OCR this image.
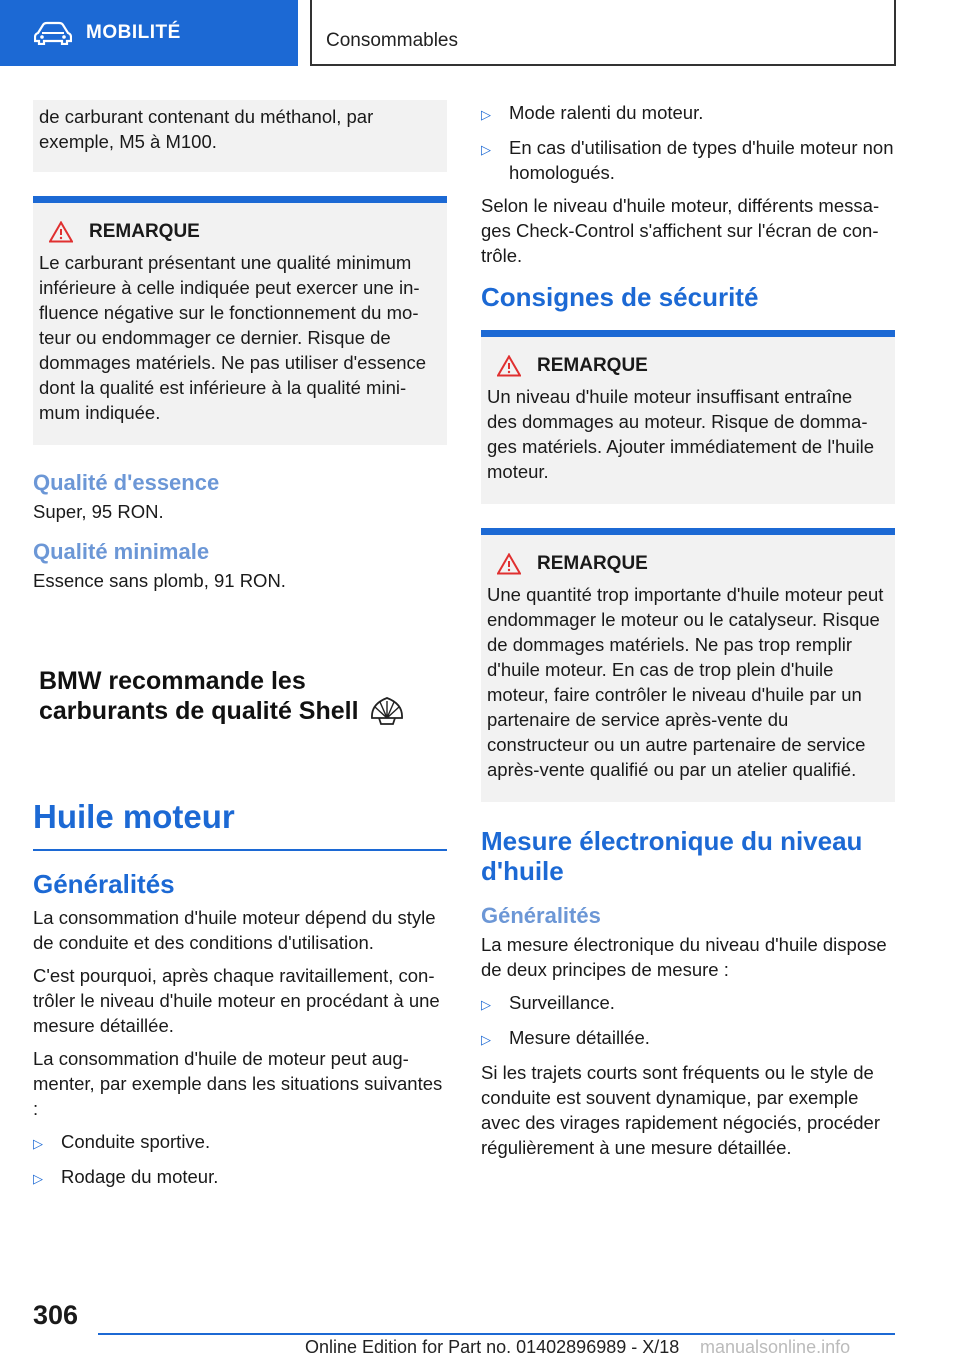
MOBILITÉ	Consommables

de carburant contenant du méthanol, par exemple, M5 à M100.

REMARQUE

Le carburant présentant une qualité minimum inférieure à celle indiquée peut exercer une influence négative sur le fonctionnement du moteur ou endommager ce dernier. Risque de dommages matériels. Ne pas utiliser d'essence dont la qualité est inférieure à la qualité minimum indiquée.

Qualité d'essence

Super, 95 RON.

Qualité minimale

Essence sans plomb, 91 RON.

BMW recommande les
carburants de qualité Shell
Huile moteur
Généralités

La consommation d'huile moteur dépend du style de conduite et des conditions d'utilisation.

C'est pourquoi, après chaque ravitaillement, contrôler le niveau d'huile moteur en procédant à une mesure détaillée.

La consommation d'huile de moteur peut augmenter, par exemple dans les situations suivantes :

▷ Conduite sportive.
▷ Rodage du moteur.
▷ Mode ralenti du moteur.
▷ En cas d'utilisation de types d'huile moteur non homologués.

Selon le niveau d'huile moteur, différents messages Check-Control s'affichent sur l'écran de contrôle.

Consignes de sécurité
REMARQUE

Un niveau d'huile moteur insuffisant entraîne des dommages au moteur. Risque de dommages matériels. Ajouter immédiatement de l'huile moteur.

REMARQUE

Une quantité trop importante d'huile moteur peut endommager le moteur ou le catalyseur. Risque de dommages matériels. Ne pas trop remplir d'huile moteur. En cas de trop plein d'huile moteur, faire contrôler le niveau d'huile par un partenaire de service après-vente du constructeur ou un autre partenaire de service après-vente qualifié ou par un atelier qualifié.

Mesure électronique du niveau d'huile
Généralités

La mesure électronique du niveau d'huile dispose de deux principes de mesure :

▷ Surveillance.
▷ Mesure détaillée.

Si les trajets courts sont fréquents ou le style de conduite est souvent dynamique, par exemple avec des virages rapidement négociés, procéder régulièrement à une mesure détaillée.

306
Online Edition for Part no. 01402896989 - X/18 manualsonline.info
